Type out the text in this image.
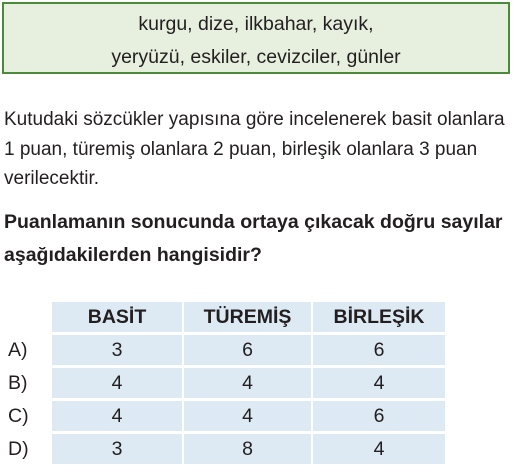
kurgu, dize, ilkbahar, kayık,
yeryüzü, eskiler, cevizciler, günler
Kutudaki sözcükler yapısına göre incelenerek basit olanlara 1 puan, türemiş olanlara 2 puan, birleşik olanlara 3 puan verilecektir.
Puanlamanın sonucunda ortaya çıkacak doğru sayılar aşağıdakilerden hangisidir?
	BASİT	TÜREMİŞ	BİRLEŞİK
A)	3	6	6
B)	4	4	4
C)	4	4	6
D)	3	8	4
